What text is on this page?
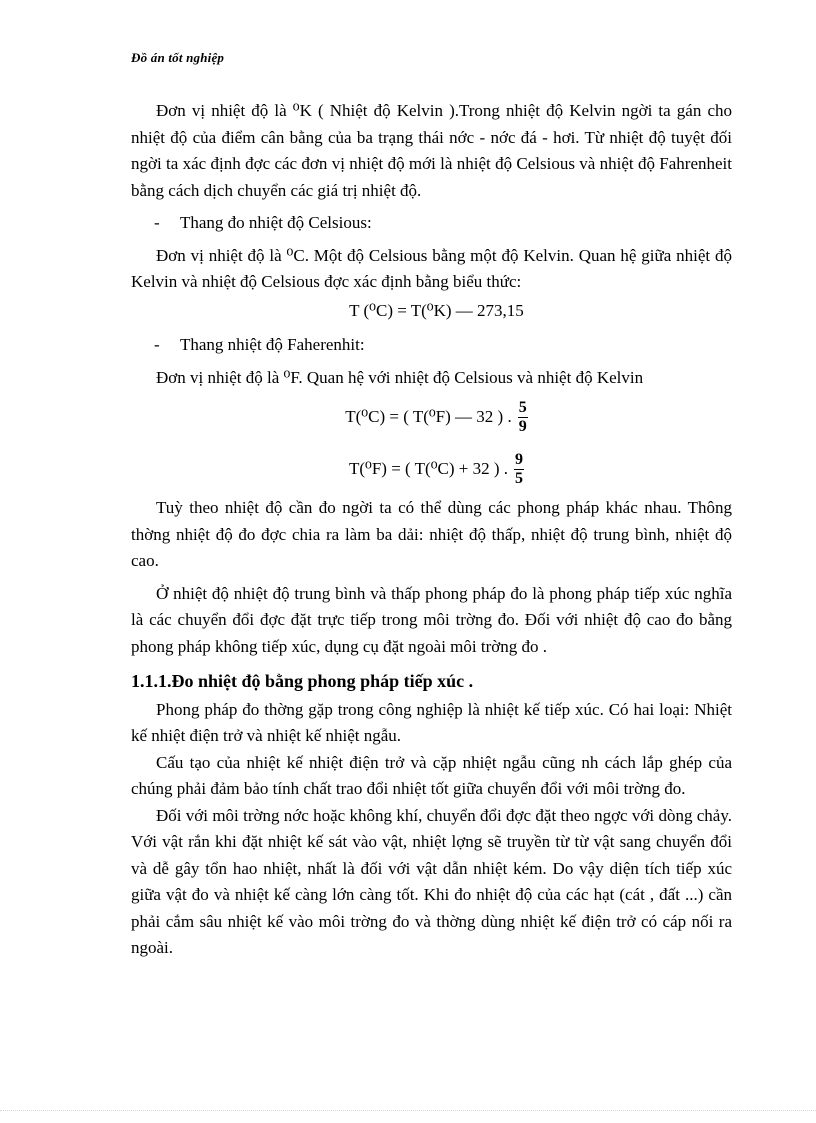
Đồ án tốt nghiệp

Đơn vị nhiệt độ là ⁰K ( Nhiệt độ Kelvin ).Trong nhiệt độ Kelvin ngời ta gán cho nhiệt độ của điểm cân bằng của ba trạng thái nớc - nớc đá - hơi. Từ nhiệt độ tuyệt đối ngời ta xác định đợc các đơn vị nhiệt độ mới là nhiệt độ Celsious và nhiệt độ Fahrenheit bằng cách dịch chuyển các giá trị nhiệt độ.

- Thang đo nhiệt độ Celsious:

Đơn vị nhiệt độ là ⁰C. Một độ Celsious bằng một độ Kelvin. Quan hệ giữa nhiệt độ Kelvin và nhiệt độ Celsious đợc xác định bằng biểu thức:

T (⁰C) = T(⁰K) — 273,15
- Thang nhiệt độ Faherenhit:

Đơn vị nhiệt độ là ⁰F. Quan hệ với nhiệt độ Celsious và nhiệt độ Kelvin

T(⁰C) = ( T(⁰F) — 32 ) . $\frac{5}{9}$
T(⁰F) = ( T(⁰C) + 32 ) . $\frac{9}{5}$

Tuỳ theo nhiệt độ cần đo ngời ta có thể dùng các phong pháp khác nhau. Thông thờng nhiệt độ đo đợc chia ra làm ba dải: nhiệt độ thấp, nhiệt độ trung bình, nhiệt độ cao.

Ở nhiệt độ nhiệt độ trung bình và thấp phong pháp đo là phong pháp tiếp xúc nghĩa là các chuyển đổi đợc đặt trực tiếp trong môi trờng đo. Đối với nhiệt độ cao đo bằng phong pháp không tiếp xúc, dụng cụ đặt ngoài môi trờng đo .

1.1.1.Đo nhiệt độ bằng phong pháp tiếp xúc .

Phong pháp đo thờng gặp trong công nghiệp là nhiệt kế tiếp xúc. Có hai loại: Nhiệt kế nhiệt điện trở và nhiệt kế nhiệt ngẫu.

Cấu tạo của nhiệt kế nhiệt điện trở và cặp nhiệt ngẫu cũng nh cách lắp ghép của chúng phải đảm bảo tính chất trao đổi nhiệt tốt giữa chuyển đổi với môi trờng đo.

Đối với môi trờng nớc hoặc không khí, chuyển đổi đợc đặt theo ngợc với dòng chảy. Với vật rắn khi đặt nhiệt kế sát vào vật, nhiệt lợng sẽ truyền từ từ vật sang chuyển đổi và dễ gây tổn hao nhiệt, nhất là đối với vật dẫn nhiệt kém. Do vậy diện tích tiếp xúc giữa vật đo và nhiệt kế càng lớn càng tốt. Khi đo nhiệt độ của các hạt (cát , đất ...) cần phải cắm sâu nhiệt kế vào môi trờng đo và thờng dùng nhiệt kế điện trở có cáp nối ra ngoài.
